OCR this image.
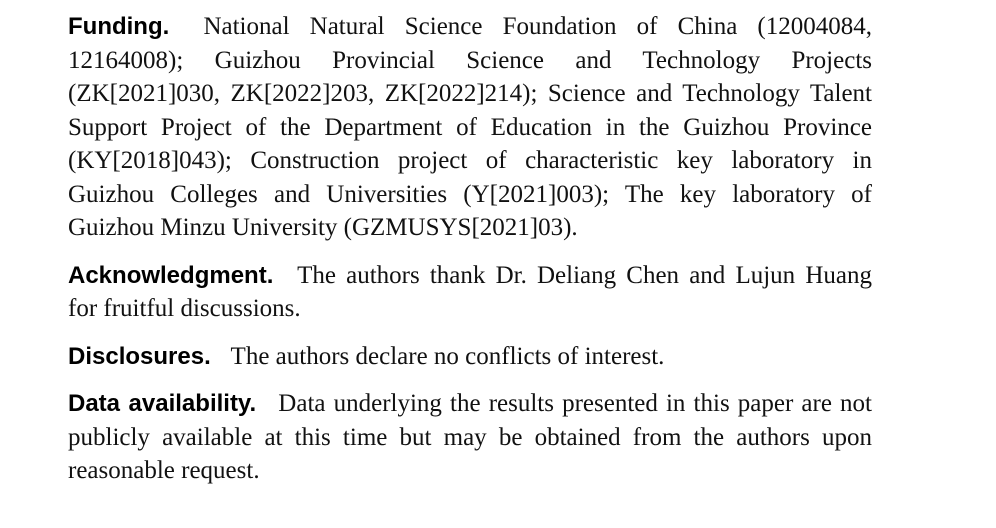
Funding. National Natural Science Foundation of China (12004084, 12164008); Guizhou Provincial Science and Technology Projects (ZK[2021]030, ZK[2022]203, ZK[2022]214); Science and Technology Talent Support Project of the Department of Education in the Guizhou Province (KY[2018]043); Construction project of characteristic key laboratory in Guizhou Colleges and Universities (Y[2021]003); The key laboratory of Guizhou Minzu University (GZMUSYS[2021]03).

Acknowledgment. The authors thank Dr. Deliang Chen and Lujun Huang for fruitful discussions.

Disclosures. The authors declare no conflicts of interest.

Data availability. Data underlying the results presented in this paper are not publicly available at this time but may be obtained from the authors upon reasonable request.
